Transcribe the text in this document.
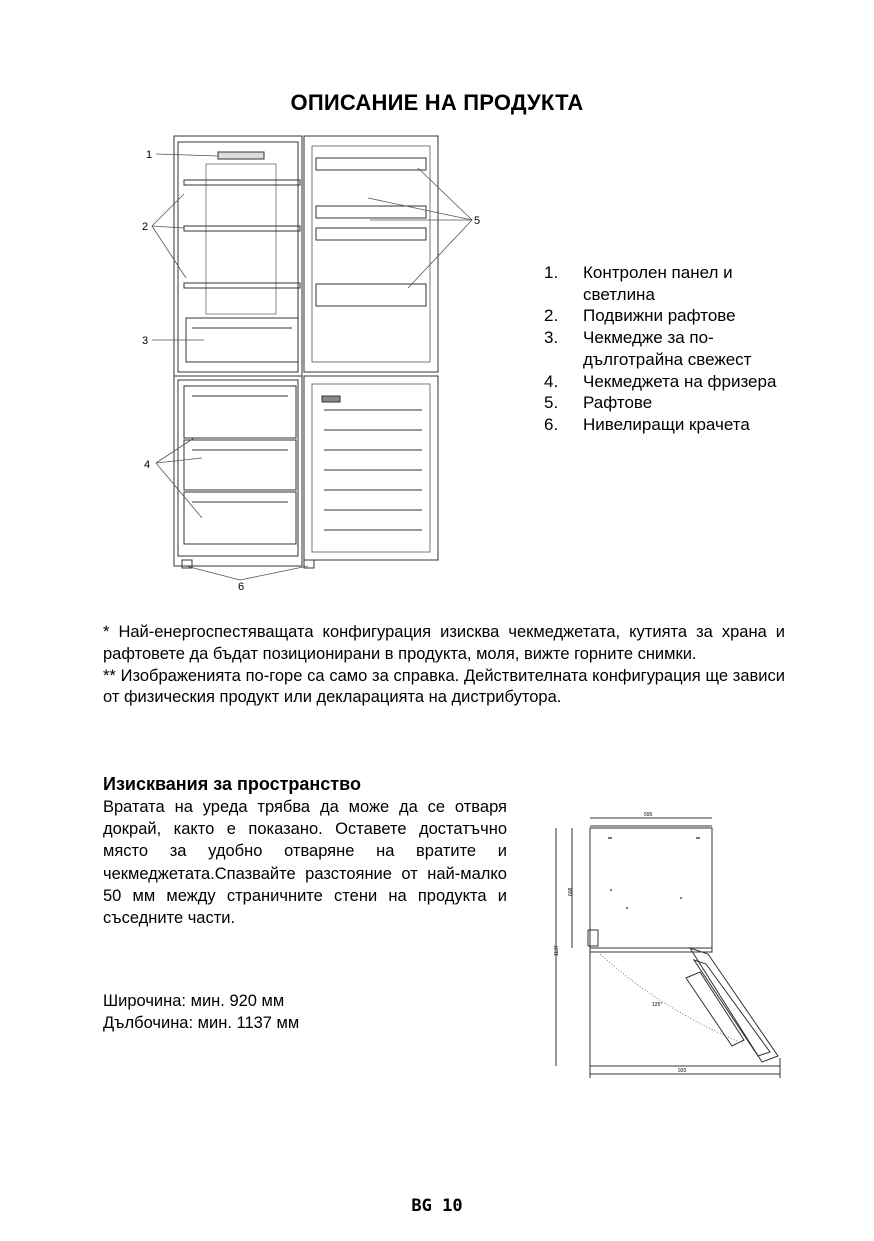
ОПИСАНИЕ НА ПРОДУКТА
1
2
3
4
5
6
1. Контролен панел и светлина
2. Подвижни рафтове
3. Чекмедже за по-дълготрайна свежест
4. Чекмеджета на фризера
5. Рафтове
6. Нивелиращи крачета

* Най-енергоспестяващата конфигурация изисква чекмеджетата, кутията за храна и рафтовете да бъдат позиционирани в продукта, моля, вижте горните снимки.

** Изображенията по-горе са само за справка. Действителната конфигурация ще зависи от физическия продукт или декларацията на дистрибутора.

Изисквания за пространство

Вратата на уреда трябва да може да се отваря докрай, както е показано. Оставете достатъчно място за удобно отваряне на вратите и чекмеджетата.Спазвайте разстояние от най-малко 50 мм между страничните стени на продукта и съседните части.

Широчина: мин. 920 мм
Дълбочина: мин. 1137 мм
595
608
1137
920
125°
BG 10
